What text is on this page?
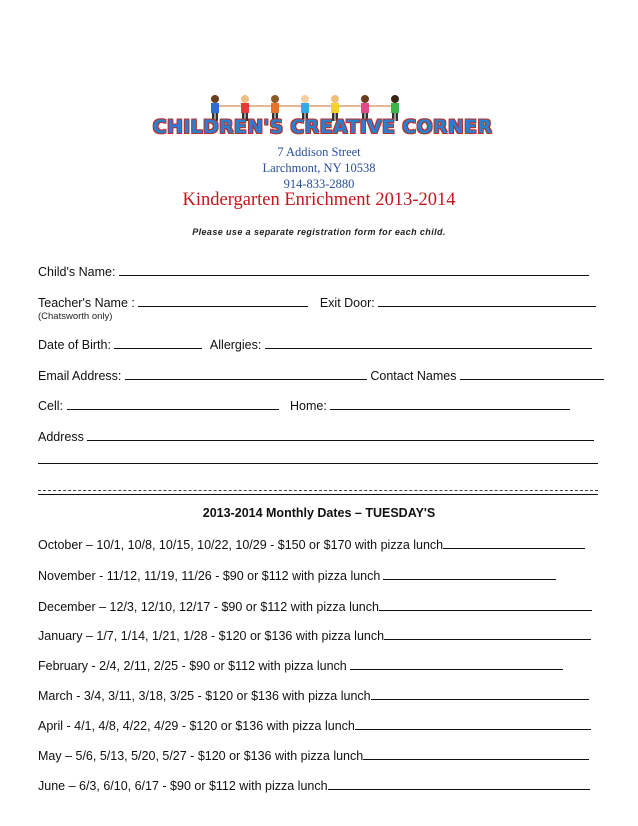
CHILDREN'S CREATIVE CORNER
7 Addison Street
Larchmont, NY 10538
914-833-2880
Kindergarten Enrichment 2013-2014
Please use a separate registration form for each child.
Child's Name:
Teacher's Name :	Exit Door:
(Chatsworth only)
Date of Birth:	Allergies:
Email Address:	Contact Names
Cell:	Home:
Address
2013-2014 Monthly Dates – TUESDAY'S
October – 10/1, 10/8, 10/15, 10/22, 10/29 - $150 or $170 with pizza lunch
November - 11/12, 11/19, 11/26 - $90 or $112 with pizza lunch
December – 12/3, 12/10, 12/17 - $90 or $112 with pizza lunch
January – 1/7, 1/14, 1/21, 1/28 - $120 or $136 with pizza lunch
February - 2/4, 2/11, 2/25 - $90 or $112 with pizza lunch
March - 3/4, 3/11, 3/18, 3/25 - $120 or $136 with pizza lunch
April - 4/1, 4/8, 4/22, 4/29 - $120 or $136 with pizza lunch
May – 5/6, 5/13, 5/20, 5/27 - $120 or $136 with pizza lunch
June – 6/3, 6/10, 6/17 - $90 or $112 with pizza lunch
